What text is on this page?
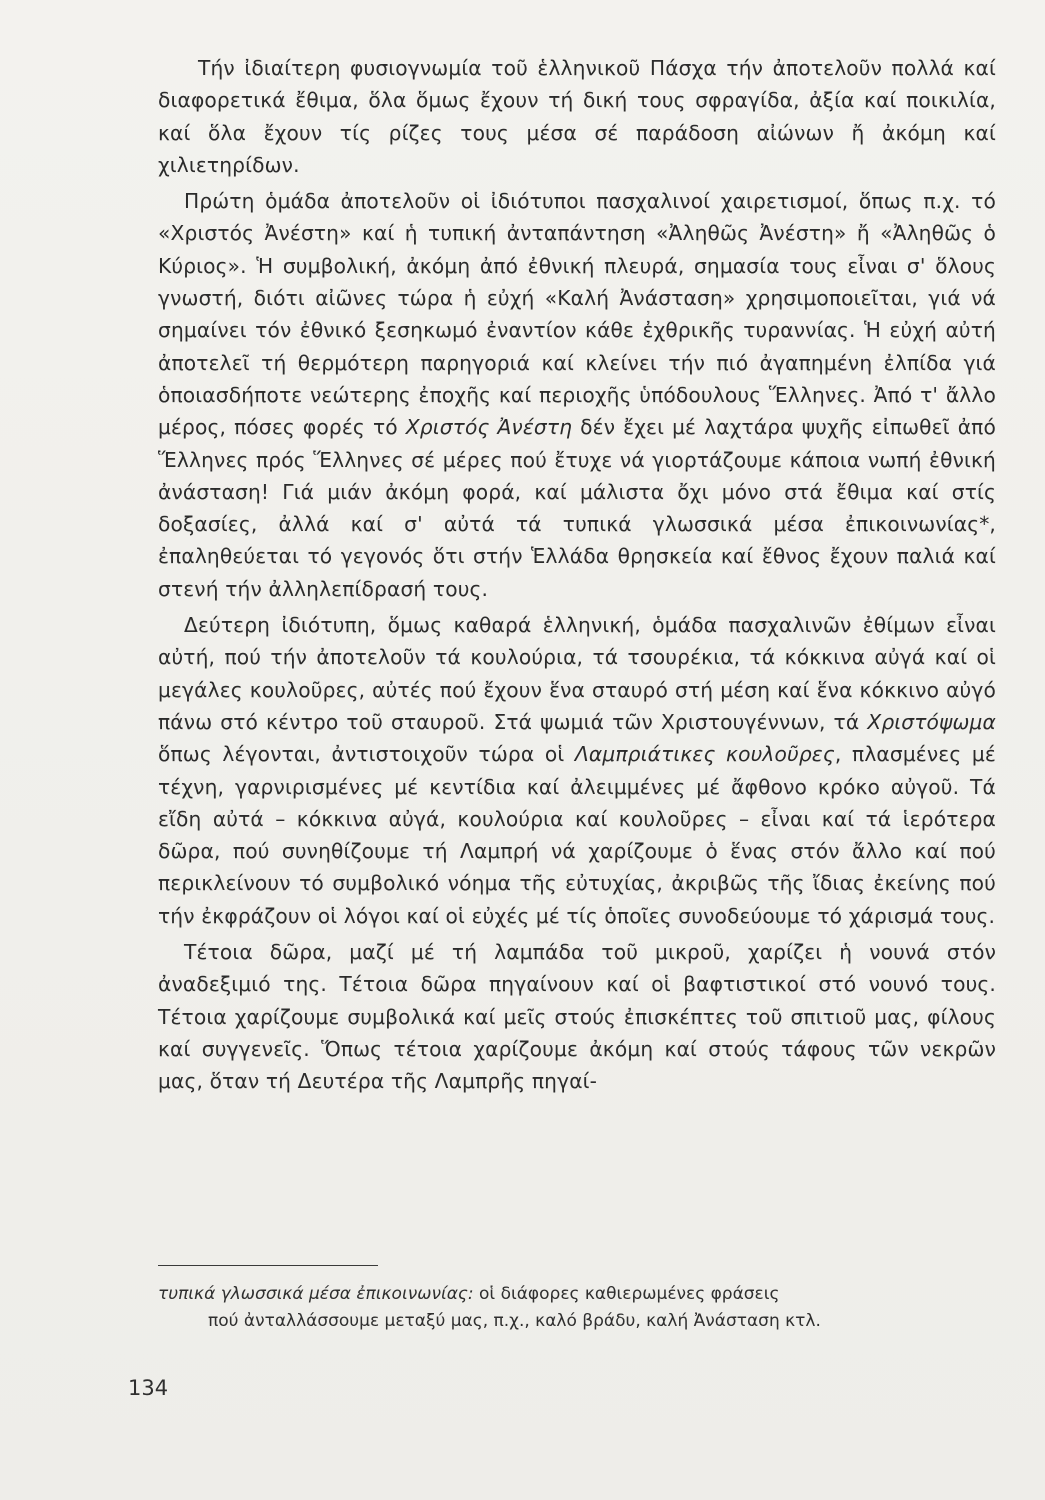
Τήν ἰδιαίτερη φυσιογνωμία τοῦ ἑλληνικοῦ Πάσχα τήν ἀποτελοῦν πολλά καί διαφορετικά ἔθιμα, ὅλα ὅμως ἔχουν τή δική τους σφραγίδα, ἀξία καί ποικιλία, καί ὅλα ἔχουν τίς ρίζες τους μέσα σέ παράδοση αἰώνων ἤ ἀκόμη καί χιλιετηρίδων.

Πρώτη ὁμάδα ἀποτελοῦν οἱ ἰδιότυποι πασχαλινοί χαιρετισμοί, ὅπως π.χ. τό «Χριστός Ἀνέστη» καί ἡ τυπική ἀνταπάντηση «Ἀληθῶς Ἀνέστη» ἤ «Ἀληθῶς ὁ Κύριος». Ἡ συμβολική, ἀκόμη ἀπό ἐθνική πλευρά, σημασία τους εἶναι σ' ὅλους γνωστή, διότι αἰῶνες τώρα ἡ εὐχή «Καλή Ἀνάσταση» χρησιμοποιεῖται, γιά νά σημαίνει τόν ἐθνικό ξεσηκωμό ἐναντίον κάθε ἐχθρικῆς τυραννίας. Ἡ εὐχή αὐτή ἀποτελεῖ τή θερμότερη παρηγοριά καί κλείνει τήν πιό ἀγαπημένη ἐλπίδα γιά ὁποιασδήποτε νεώτερης ἐποχῆς καί περιοχῆς ὑπόδουλους Ἕλληνες. Ἀπό τ' ἄλλο μέρος, πόσες φορές τό Χριστός Ἀνέστη δέν ἔχει μέ λαχτάρα ψυχῆς εἰπωθεῖ ἀπό Ἕλληνες πρός Ἕλληνες σέ μέρες πού ἔτυχε νά γιορτάζουμε κάποια νωπή ἐθνική ἀνάσταση! Γιά μιάν ἀκόμη φορά, καί μάλιστα ὄχι μόνο στά ἔθιμα καί στίς δοξασίες, ἀλλά καί σ' αὐτά τά τυπικά γλωσσικά μέσα ἐπικοινωνίας*, ἐπαληθεύεται τό γεγονός ὅτι στήν Ἑλλάδα θρησκεία καί ἔθνος ἔχουν παλιά καί στενή τήν ἀλληλεπίδρασή τους.

Δεύτερη ἰδιότυπη, ὅμως καθαρά ἑλληνική, ὁμάδα πασχαλινῶν ἐθίμων εἶναι αὐτή, πού τήν ἀποτελοῦν τά κουλούρια, τά τσουρέκια, τά κόκκινα αὐγά καί οἱ μεγάλες κουλοῦρες, αὐτές πού ἔχουν ἕνα σταυρό στή μέση καί ἕνα κόκκινο αὐγό πάνω στό κέντρο τοῦ σταυροῦ. Στά ψωμιά τῶν Χριστουγέννων, τά Χριστόψωμα ὅπως λέγονται, ἀντιστοιχοῦν τώρα οἱ Λαμπριάτικες κουλοῦρες, πλασμένες μέ τέχνη, γαρνιρισμένες μέ κεντίδια καί ἀλειμμένες μέ ἄφθονο κρόκο αὐγοῦ. Τά εἴδη αὐτά – κόκκινα αὐγά, κουλούρια καί κουλοῦρες – εἶναι καί τά ἱερότερα δῶρα, πού συνηθίζουμε τή Λαμπρή νά χαρίζουμε ὁ ἕνας στόν ἄλλο καί πού περικλείνουν τό συμβολικό νόημα τῆς εὐτυχίας, ἀκριβῶς τῆς ἴδιας ἐκείνης πού τήν ἐκφράζουν οἱ λόγοι καί οἱ εὐχές μέ τίς ὁποῖες συνοδεύουμε τό χάρισμά τους.

Τέτοια δῶρα, μαζί μέ τή λαμπάδα τοῦ μικροῦ, χαρίζει ἡ νουνά στόν ἀναδεξιμιό της. Τέτοια δῶρα πηγαίνουν καί οἱ βαφτιστικοί στό νουνό τους. Τέτοια χαρίζουμε συμβολικά καί μεῖς στούς ἐπισκέπτες τοῦ σπιτιοῦ μας, φίλους καί συγγενεῖς. Ὅπως τέτοια χαρίζουμε ἀκόμη καί στούς τάφους τῶν νεκρῶν μας, ὅταν τή Δευτέρα τῆς Λαμπρῆς πηγαί-

τυπικά γλωσσικά μέσα ἐπικοινωνίας: οἱ διάφορες καθιερωμένες φράσεις
πού ἀνταλλάσσουμε μεταξύ μας, π.χ., καλό βράδυ, καλή Ἀνάσταση κτλ.
134
